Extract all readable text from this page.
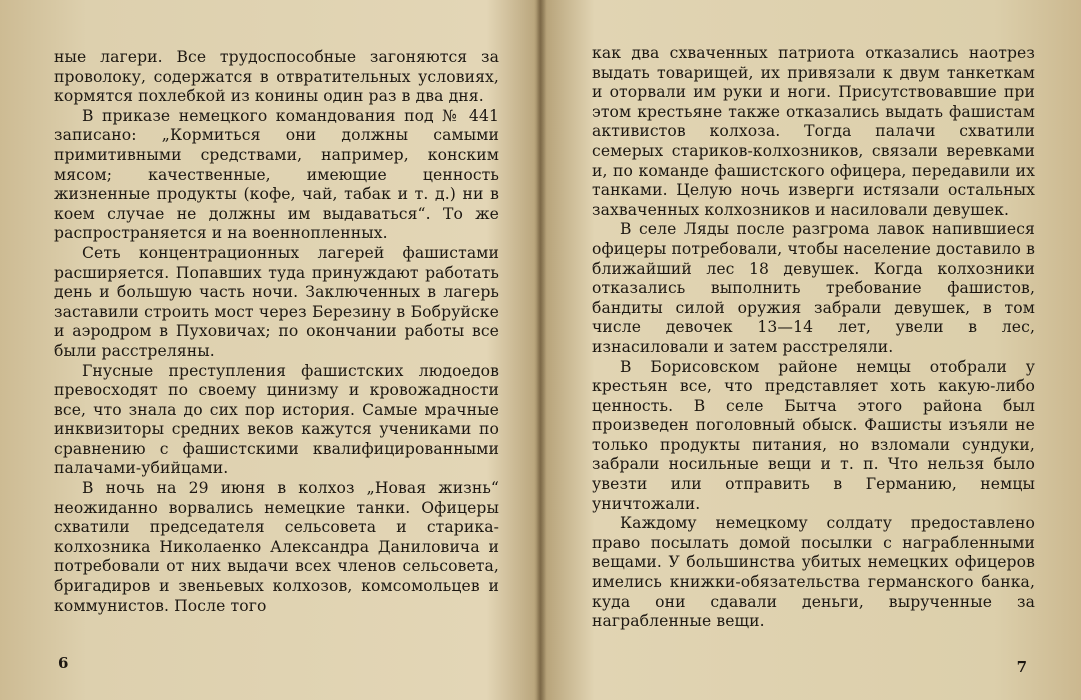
ные лагери. Все трудоспособные загоняются за проволоку, содержатся в отвратительных условиях, кормятся похлебкой из конины один раз в два дня.

В приказе немецкого командования под № 441 записано: „Кормиться они должны самыми примитивными средствами, например, конским мясом; качественные, имеющие ценность жизненные продукты (кофе, чай, табак и т. д.) ни в коем случае не должны им выдаваться“. То же распространяется и на военнопленных.

Сеть концентрационных лагерей фашистами расширяется. Попавших туда принуждают работать день и большую часть ночи. Заключенных в лагерь заставили строить мост через Березину в Бобруйске и аэродром в Пуховичах; по окончании работы все были расстреляны.

Гнусные преступления фашистских людоедов превосходят по своему цинизму и кровожадности все, что знала до сих пор история. Самые мрачные инквизиторы средних веков кажутся учениками по сравнению с фашистскими квалифицированными палачами-убийцами.

В ночь на 29 июня в колхоз „Новая жизнь“ неожиданно ворвались немецкие танки. Офицеры схватили председателя сельсовета и старика-колхозника Николаенко Александра Даниловича и потребовали от них выдачи всех членов сельсовета, бригадиров и звеньевых колхозов, комсомольцев и коммунистов. После того

6

как два схваченных патриота отказались наотрез выдать товарищей, их привязали к двум танкеткам и оторвали им руки и ноги. Присутствовавшие при этом крестьяне также отказались выдать фашистам активистов колхоза. Тогда палачи схватили семерых стариков-колхозников, связали веревками и, по команде фашистского офицера, передавили их танками. Целую ночь изверги истязали остальных захваченных колхозников и насиловали девушек.

В селе Ляды после разгрома лавок напившиеся офицеры потребовали, чтобы население доставило в ближайший лес 18 девушек. Когда колхозники отказались выполнить требование фашистов, бандиты силой оружия забрали девушек, в том числе девочек 13—14 лет, увели в лес, изнасиловали и затем расстреляли.

В Борисовском районе немцы отобрали у крестьян все, что представляет хоть какую-либо ценность. В селе Бытча этого района был произведен поголовный обыск. Фашисты изъяли не только продукты питания, но взломали сундуки, забрали носильные вещи и т. п. Что нельзя было увезти или отправить в Германию, немцы уничтожали.

Каждому немецкому солдату предоставлено право посылать домой посылки с награбленными вещами. У большинства убитых немецких офицеров имелись книжки-обязательства германского банка, куда они сдавали деньги, вырученные за награбленные вещи.

7
